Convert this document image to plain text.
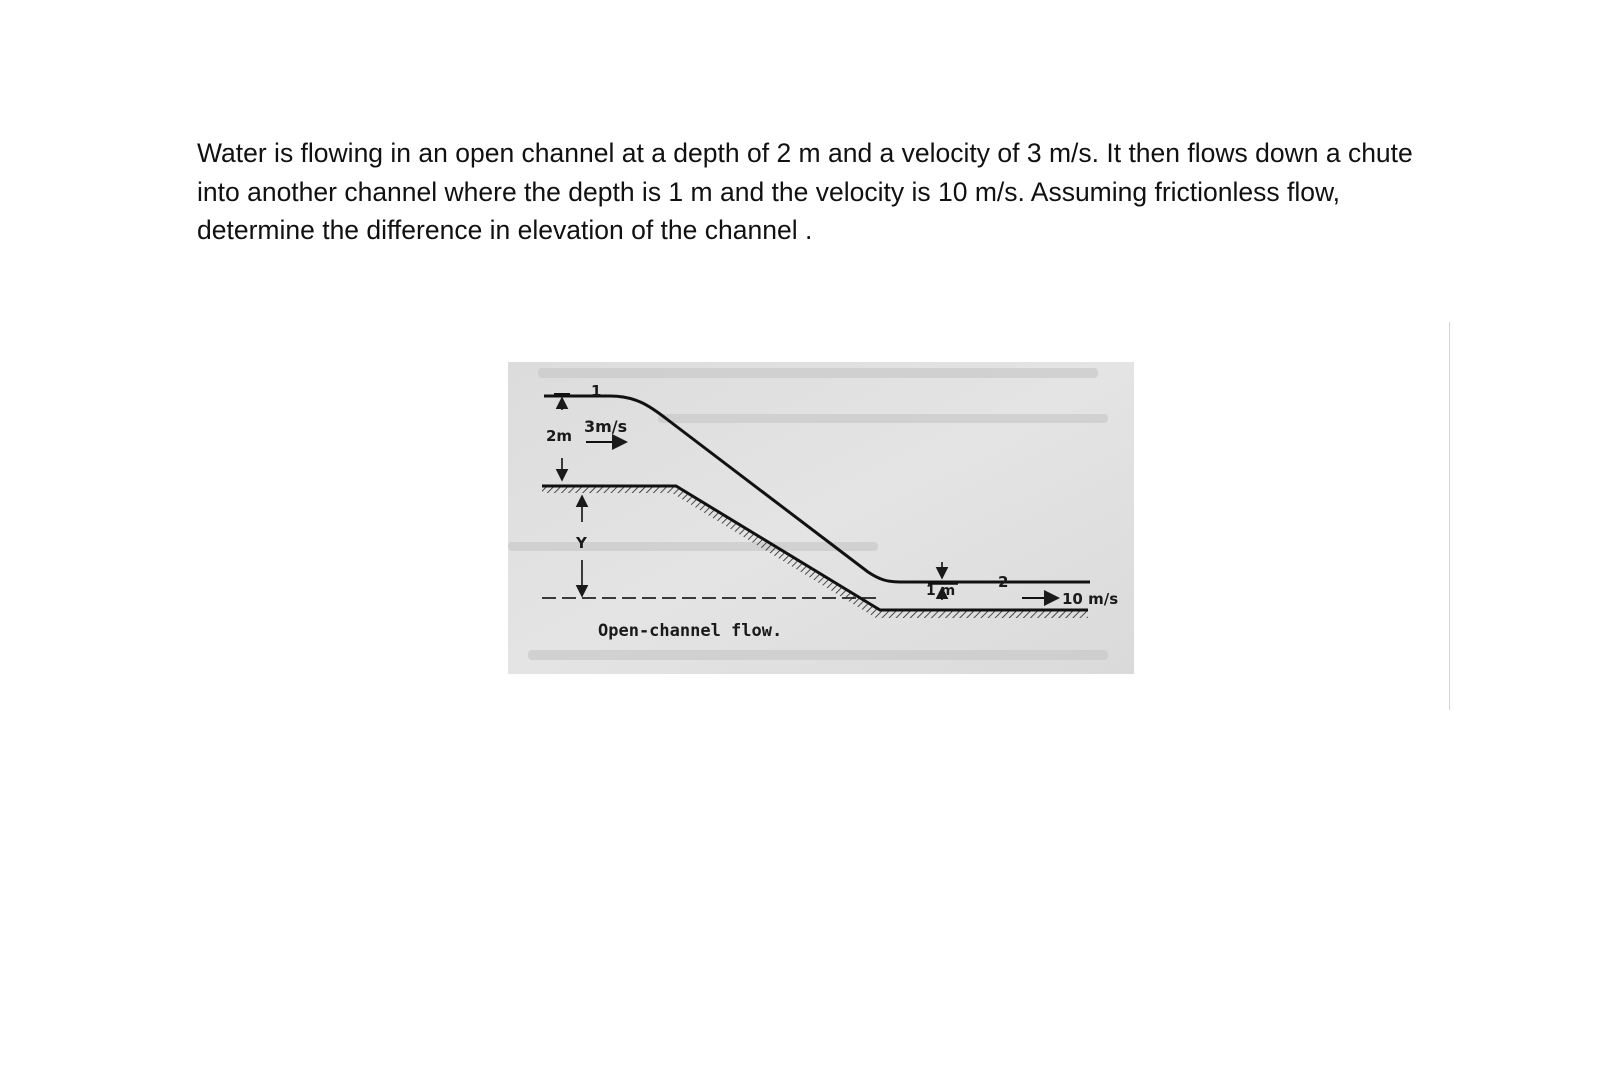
Water is flowing in an open channel at a depth of 2 m and a velocity of 3 m/s. It then flows down a chute into another channel where the depth is 1 m and the velocity is 10 m/s. Assuming frictionless flow, determine the difference in elevation of the channel .

1
2m 3m/s
Y
2
1 m	10 m/s
Open-channel flow.
